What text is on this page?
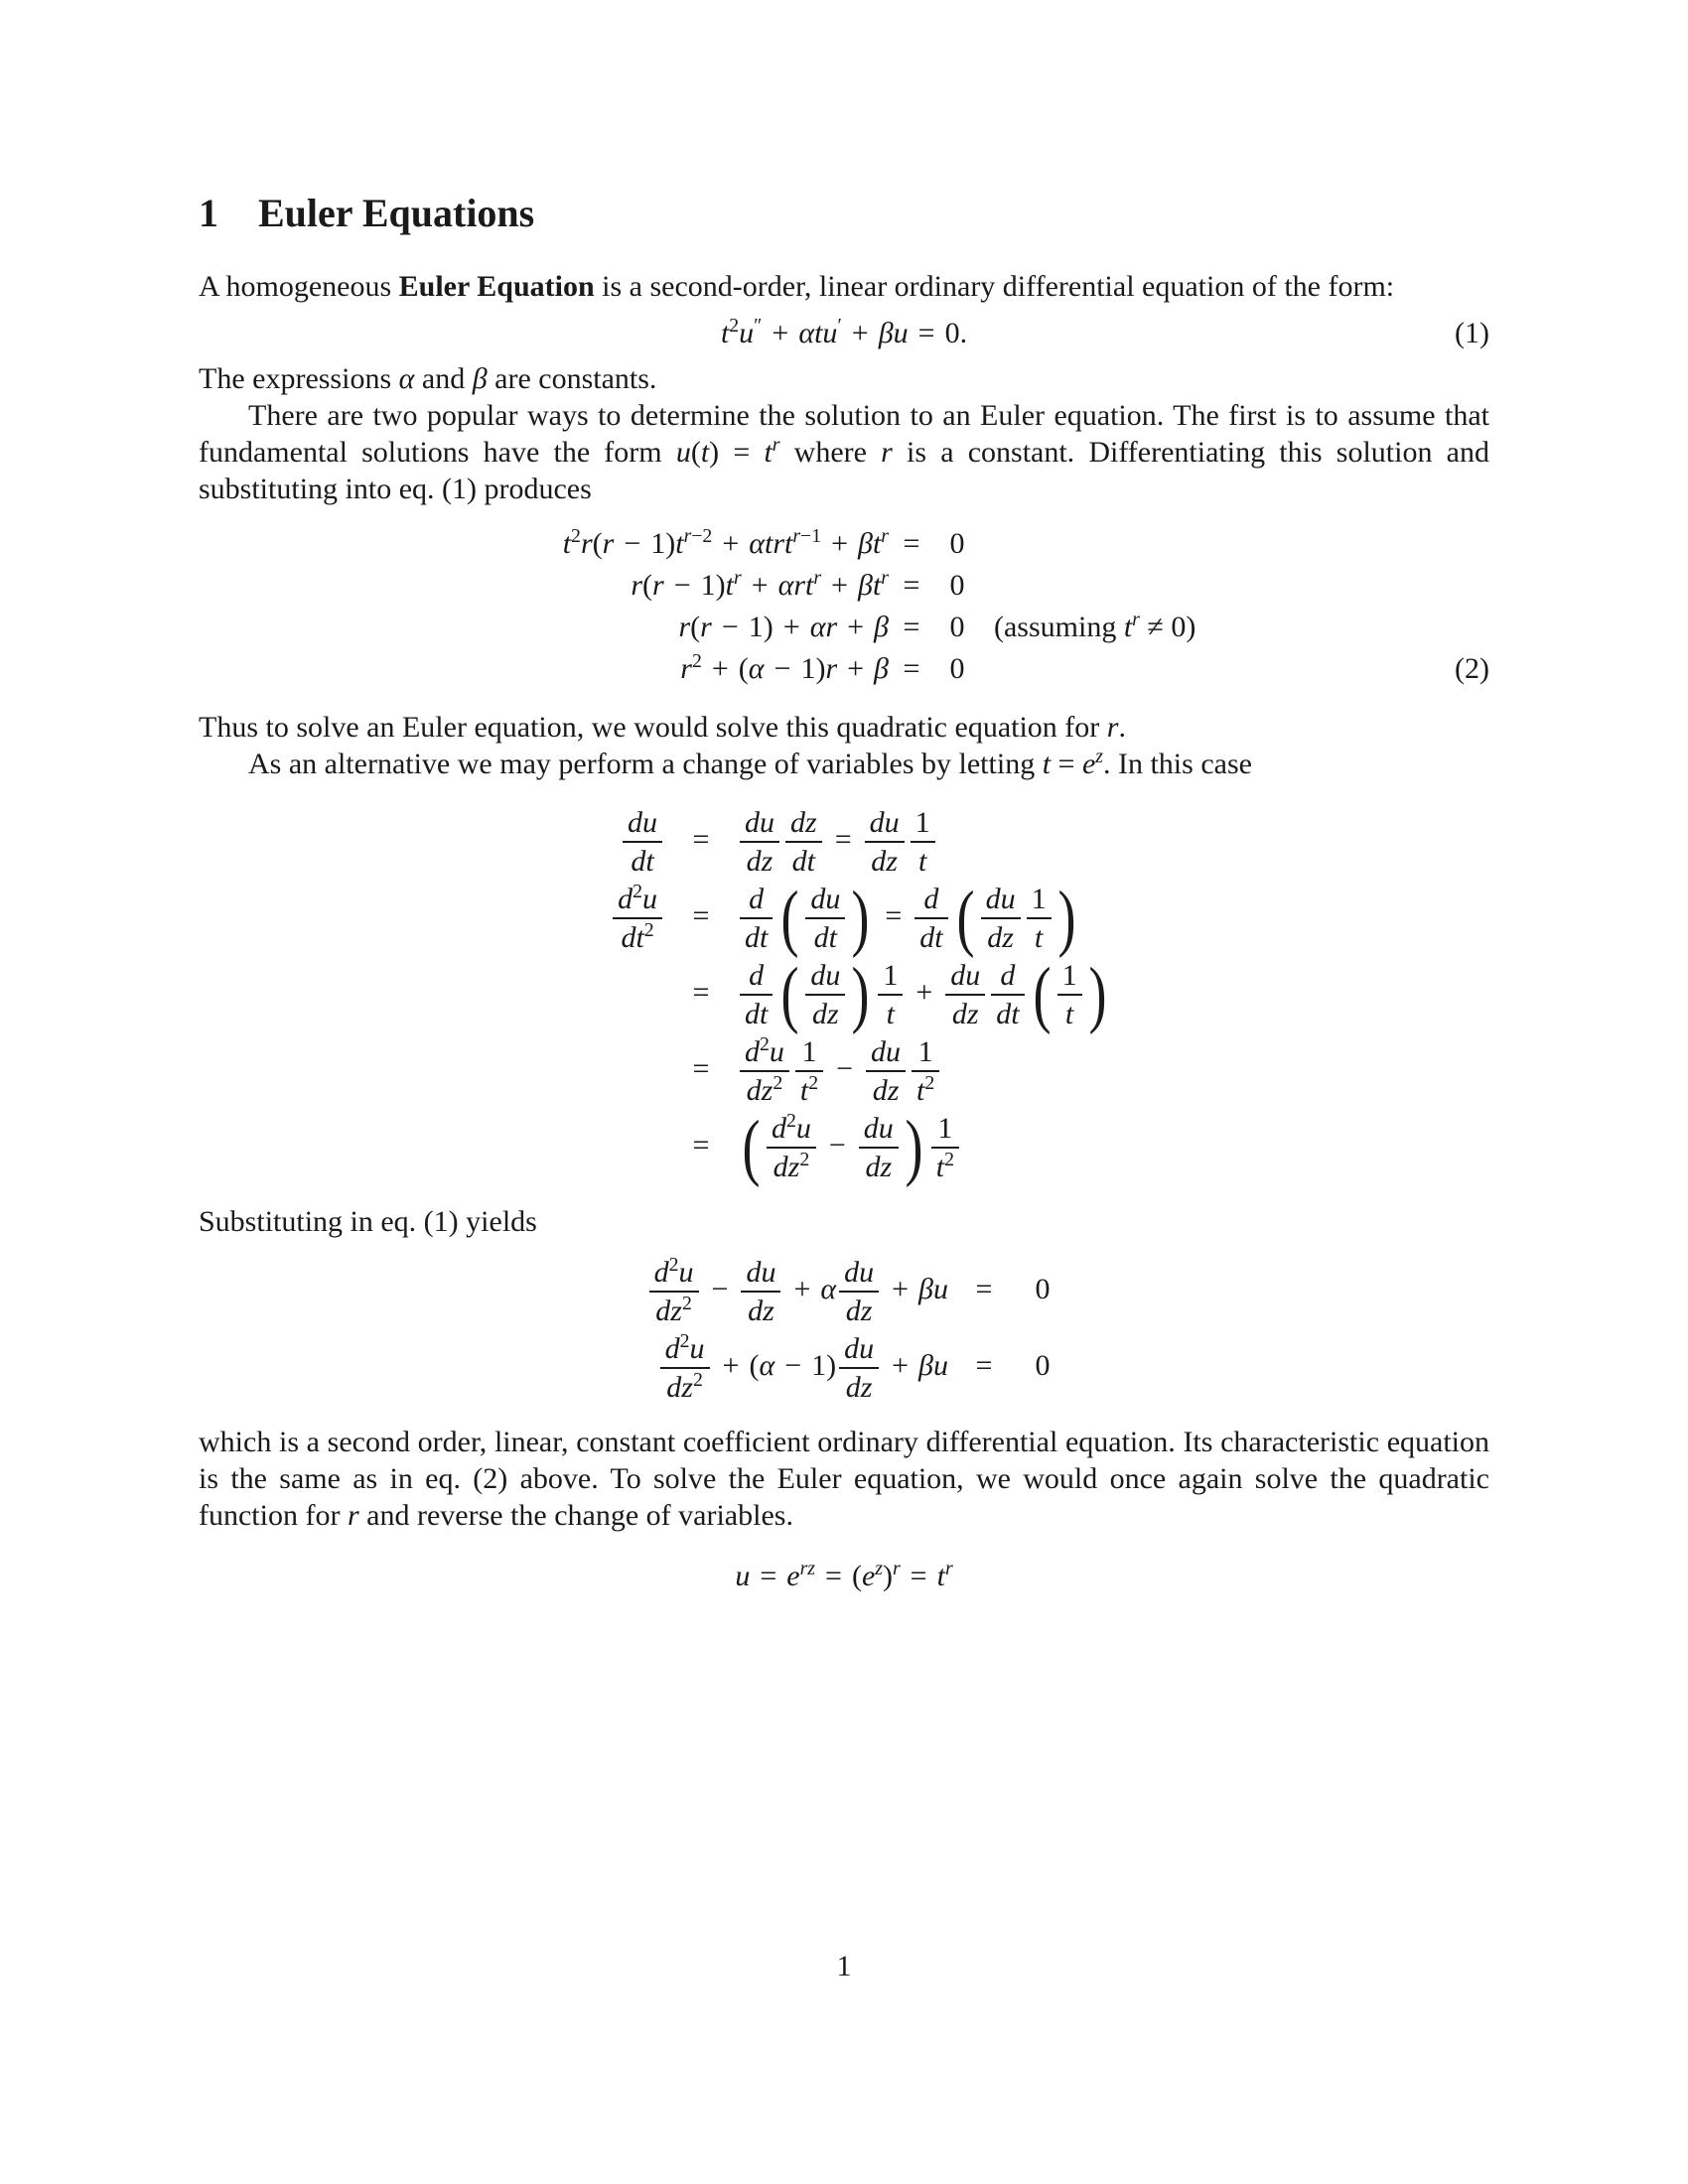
1 Euler Equations

A homogeneous Euler Equation is a second-order, linear ordinary differential equation of the form:

$t^2u'' + \alpha tu' + \beta u = 0$.	(1)

The expressions α and β are constants.

There are two popular ways to determine the solution to an Euler equation. The first is to assume that fundamental solutions have the form $u(t) = t^r$ where r is a constant. Differentiating this solution and substituting into eq. (1) produces

$t^2r(r - 1)t^{r-2} + \alpha trt^{r-1} + \beta t^r$ =	0
$r(r - 1)t^r + \alpha rt^r + \beta t^r$ =	0
r(r − 1) + αr + β =	0 (assuming $t^r \ne 0$)
$r^2 + (\alpha - 1)r + \beta$ =	0	(2)

Thus to solve an Euler equation, we would solve this quadratic equation for r.

As an alternative we may perform a change of variables by letting $t = e^z$. In this case

$\frac{du}{dt}$	=	$\frac{du}{dz} \frac{dz}{dt} = \frac{du}{dz} \frac{1}{t}$
$\frac{d^2u}{dt^2}$	=	$\frac{d}{dt}$ ( $\frac{du}{dt}$ ) = $\frac{d}{dt}$ ( $\frac{du}{dz} \frac{1}{t}$ )
=	$\frac{d}{dt}$ ( $\frac{du}{dz}$ ) $\frac{1}{t} + \frac{du}{dz} \frac{d}{dt}$ ( $\frac{1}{t}$ )
=	$\frac{d^2u}{dz^2} \frac{1}{t^2} - \frac{du}{dz} \frac{1}{t^2}$
= ( $\frac{d^2u}{dz^2} - \frac{du}{dz}$ ) $\frac{1}{t^2}$

Substituting in eq. (1) yields

$\frac{d^2u}{dz^2} - \frac{du}{dz} + \alpha \frac{du}{dz} + \beta u$ =	0
$\frac{d^2u}{dz^2} + (\alpha - 1) \frac{du}{dz} + \beta u$ =	0

which is a second order, linear, constant coefficient ordinary differential equation. Its characteristic equation is the same as in eq. (2) above. To solve the Euler equation, we would once again solve the quadratic function for r and reverse the change of variables.

$u = e^{rz} = (e^z)^r = t^r$
1
